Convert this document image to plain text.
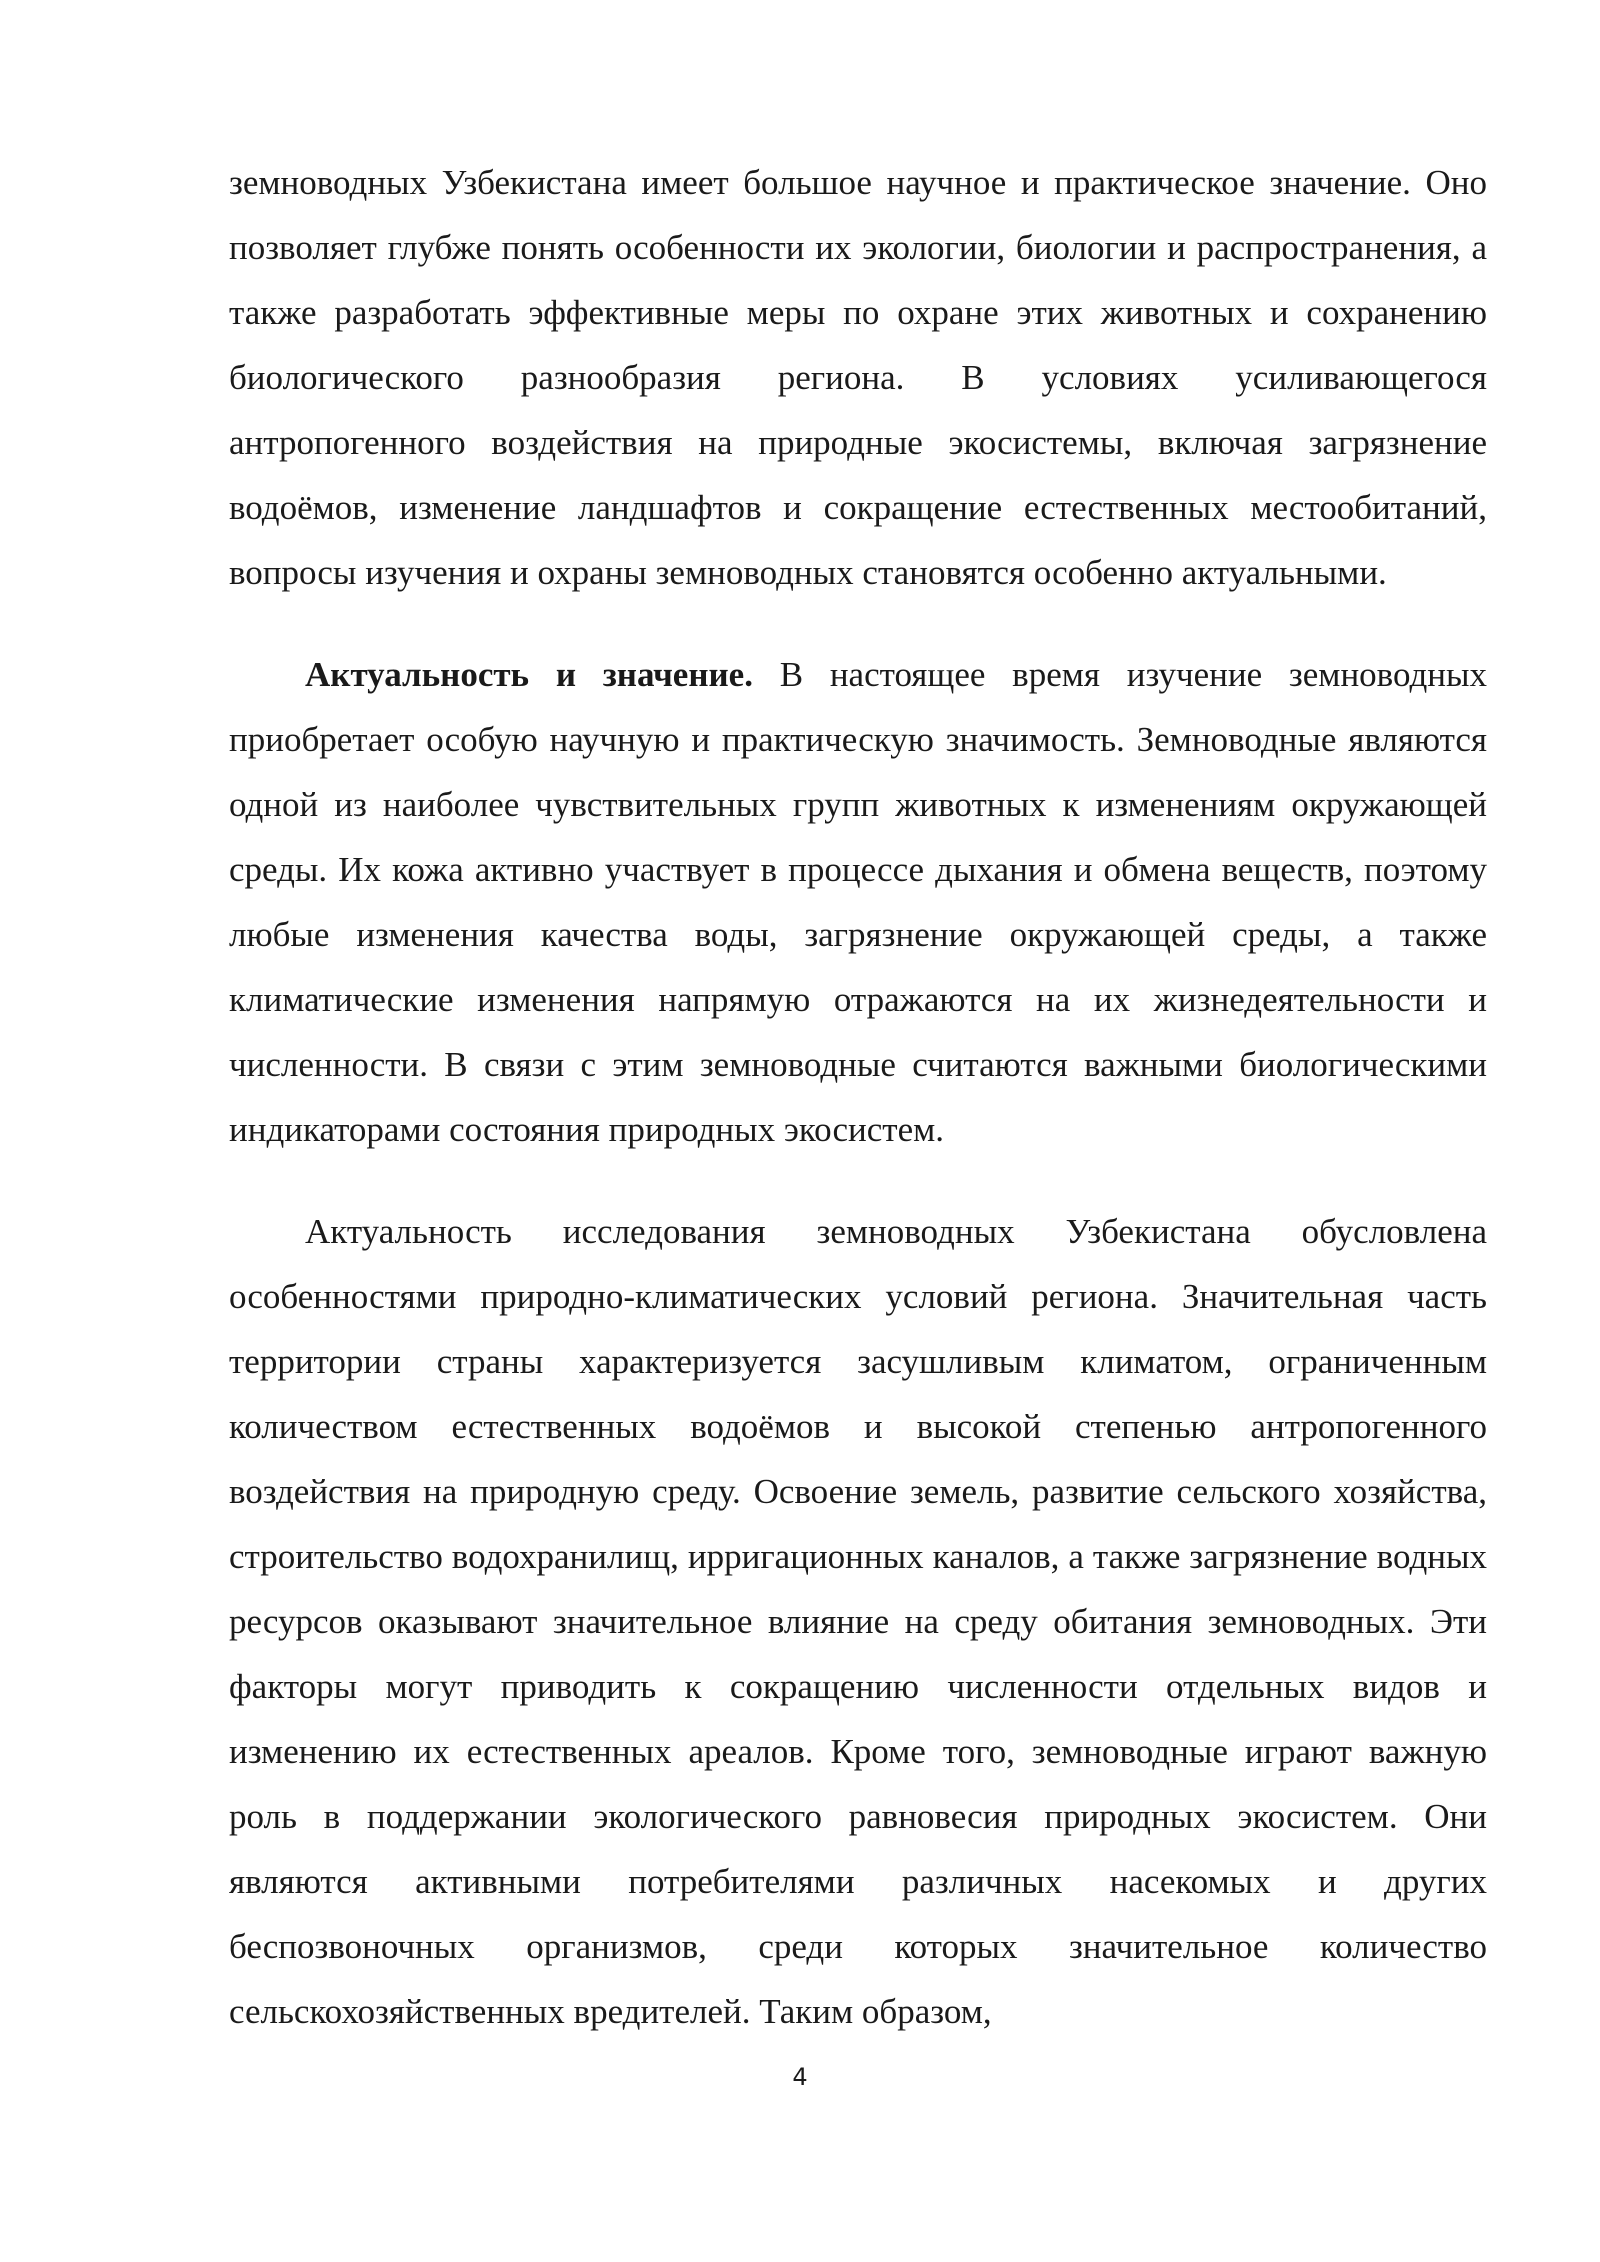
земноводных Узбекистана имеет большое научное и практическое значение. Оно позволяет глубже понять особенности их экологии, биологии и распространения, а также разработать эффективные меры по охране этих животных и сохранению биологического разнообразия региона. В условиях усиливающегося антропогенного воздействия на природные экосистемы, включая загрязнение водоёмов, изменение ландшафтов и сокращение естественных местообитаний, вопросы изучения и охраны земноводных становятся особенно актуальными.

Актуальность и значение. В настоящее время изучение земноводных приобретает особую научную и практическую значимость. Земноводные являются одной из наиболее чувствительных групп животных к изменениям окружающей среды. Их кожа активно участвует в процессе дыхания и обмена веществ, поэтому любые изменения качества воды, загрязнение окружающей среды, а также климатические изменения напрямую отражаются на их жизнедеятельности и численности. В связи с этим земноводные считаются важными биологическими индикаторами состояния природных экосистем.

Актуальность исследования земноводных Узбекистана обусловлена особенностями природно-климатических условий региона. Значительная часть территории страны характеризуется засушливым климатом, ограниченным количеством естественных водоёмов и высокой степенью антропогенного воздействия на природную среду. Освоение земель, развитие сельского хозяйства, строительство водохранилищ, ирригационных каналов, а также загрязнение водных ресурсов оказывают значительное влияние на среду обитания земноводных. Эти факторы могут приводить к сокращению численности отдельных видов и изменению их естественных ареалов. Кроме того, земноводные играют важную роль в поддержании экологического равновесия природных экосистем. Они являются активными потребителями различных насекомых и других беспозвоночных организмов, среди которых значительное количество сельскохозяйственных вредителей. Таким образом,

4
